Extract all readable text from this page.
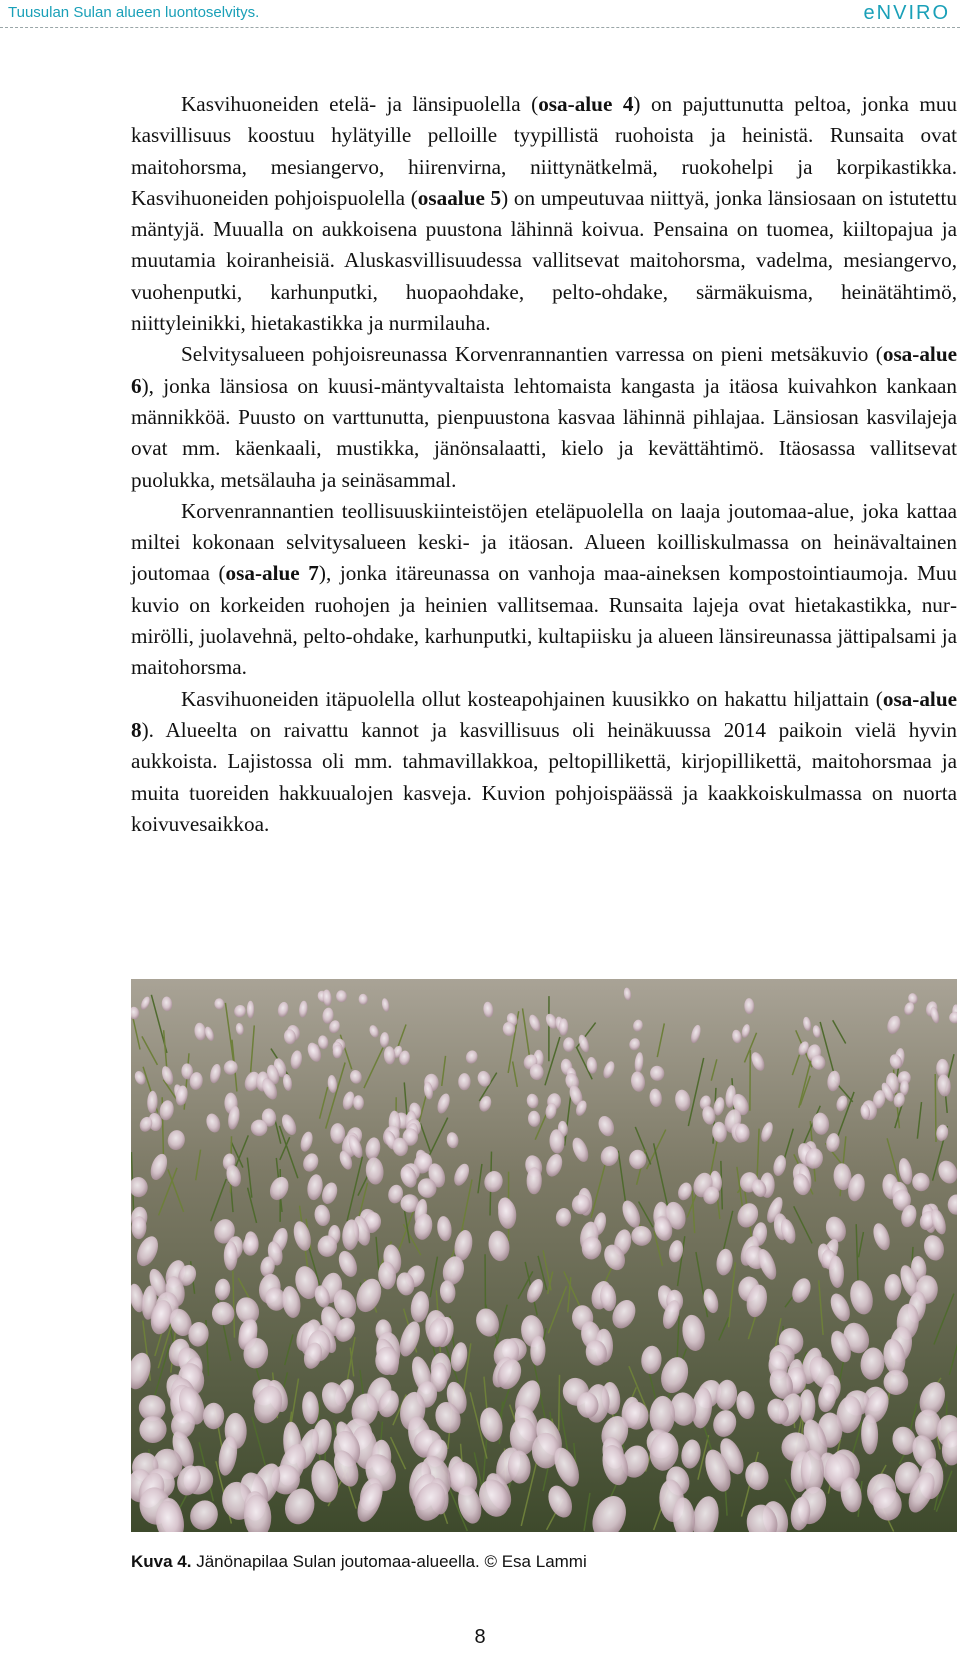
Tuusulan Sulan alueen luontoselvitys.	eNVIRO

Kasvihuoneiden etelä- ja länsipuolella (osa-alue 4) on pajuttunutta peltoa, jonka muu kasvillisuus koostuu hylätyille pelloille tyypillistä ruohoista ja heinistä. Runsaita ovat maitohorsma, mesiangervo, hiirenvirna, niittynätkelmä, ruokohelpi ja korpikastikka. Kasvihuoneiden pohjoispuolella (osaalue 5) on umpeutuvaa niittyä, jonka länsiosaan on istutettu mäntyjä. Muualla on aukkoisena puustona lähinnä koivua. Pensaina on tuomea, kiiltopajua ja muutamia koiranheisiä. Aluskasvillisuudessa vallitsevat maitohorsma, vadelma, mesiangervo, vuohenputki, karhunputki, huopaohdake, pelto-ohdake, särmäkuisma, heinätähtimö, niittyleinikki, hietakastikka ja nurmilauha.

Selvitysalueen pohjoisreunassa Korvenrannantien varressa on pieni metsäkuvio (osa-alue 6), jonka länsiosa on kuusi-mäntyvaltaista lehtomaista kangasta ja itäosa kuivahkon kankaan männikköä. Puusto on varttunutta, pienpuustona kasvaa lähinnä pihlajaa. Länsiosan kasvilajeja ovat mm. käenkaali, mustikka, jänönsalaatti, kielo ja kevättähtimö. Itäosassa vallitsevat puolukka, metsälauha ja seinäsammal.

Korvenrannantien teollisuuskiinteistöjen eteläpuolella on laaja joutomaa-alue, joka kattaa miltei kokonaan selvitysalueen keski- ja itäosan. Alueen koilliskulmassa on heinävaltainen joutomaa (osa-alue 7), jonka itäreunassa on vanhoja maa-aineksen kompostointiaumoja. Muu kuvio on korkeiden ruohojen ja heinien vallitsemaa. Runsaita lajeja ovat hietakastikka, nurmirölli, juolavehnä, pelto-ohdake, karhunputki, kultapiisku ja alueen länsireunassa jättipalsami ja maitohorsma.

Kasvihuoneiden itäpuolella ollut kosteapohjainen kuusikko on hakattu hiljattain (osa-alue 8). Alueelta on raivattu kannot ja kasvillisuus oli heinäkuussa 2014 paikoin vielä hyvin aukkoista. Lajistossa oli mm. tahmavillakkoa, peltopillikettä, kirjopillikettä, maitohorsmaa ja muita tuoreiden hakkuualojen kasveja. Kuvion pohjoispäässä ja kaakkoiskulmassa on nuorta koivuvesaikkoa.

Kuva 4. Jänönapilaa Sulan joutomaa-alueella. © Esa Lammi
8
